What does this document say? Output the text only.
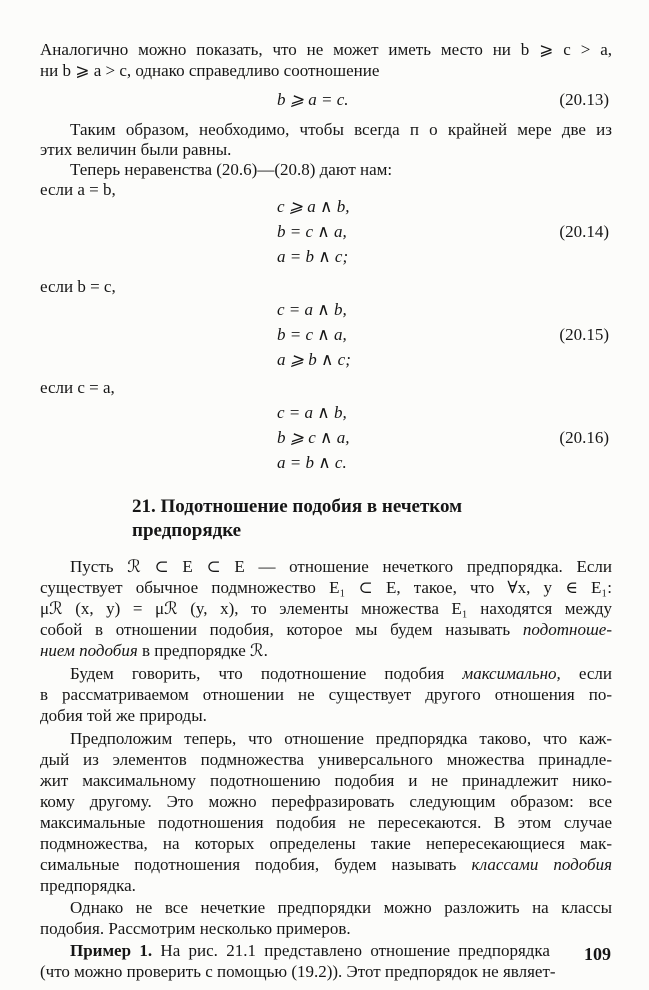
Аналогично можно показать, что не может иметь место ни b ⩾ c > a,
ни b ⩾ a > c, однако справедливо соотношение
b ⩾ a = c.	(20.13)
Таким образом, необходимо, чтобы всегда п о крайней мере две из
этих величин были равны.
Теперь неравенства (20.6)—(20.8) дают нам:
если a = b,
c ⩾ a ∧ b,
b = c ∧ a,
a = b ∧ c;
(20.14)
если b = c,
c = a ∧ b,
b = c ∧ a,
a ⩾ b ∧ c;
(20.15)
если c = a,
c = a ∧ b,
b ⩾ c ∧ a,
a = b ∧ c.
(20.16)
21. Подотношение подобия в нечетком
предпорядке
Пусть ℛ ⊂ E ⊂ E — отношение нечеткого предпорядка. Если
существует обычное подмножество E₁ ⊂ E, такое, что ∀x, y ∈ E₁:
μℛ (x, y) = μℛ (y, x), то элементы множества E₁ находятся между
собой в отношении подобия, которое мы будем называть подотноше-
нием подобия в предпорядке ℛ.
Будем говорить, что подотношение подобия максимально, если
в рассматриваемом отношении не существует другого отношения по-
добия той же природы.
Предположим теперь, что отношение предпорядка таково, что каж-
дый из элементов подмножества универсального множества принадле-
жит максимальному подотношению подобия и не принадлежит нико-
кому другому. Это можно перефразировать следующим образом: все
максимальные подотношения подобия не пересекаются. В этом случае
подмножества, на которых определены такие непересекающиеся мак-
симальные подотношения подобия, будем называть классами подобия
предпорядка.
Однако не все нечеткие предпорядки можно разложить на классы
подобия. Рассмотрим несколько примеров.
Пример 1. На рис. 21.1 представлено отношение предпорядка
(что можно проверить с помощью (19.2)). Этот предпорядок не являет-
109
